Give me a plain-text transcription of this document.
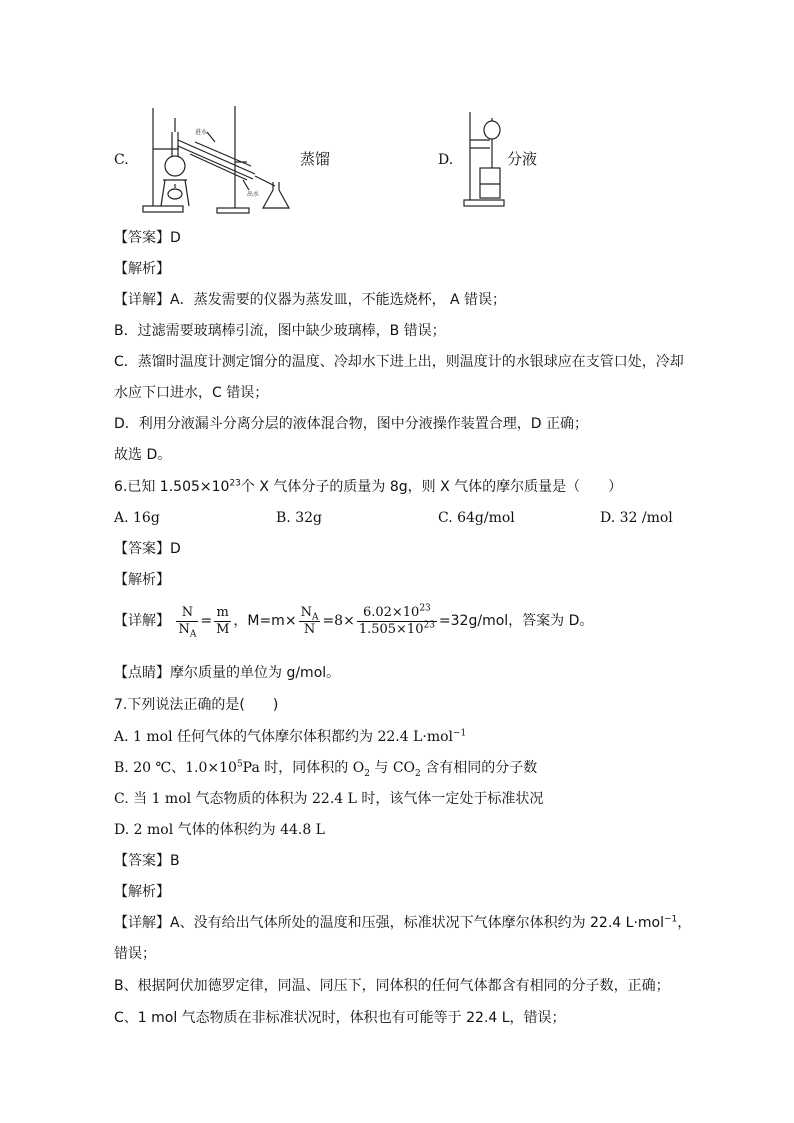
C.
进水
出水
蒸馏	D.	分液
【答案】D
【解析】
【详解】A．蒸发需要的仪器为蒸发皿，不能选烧杯， A 错误；
B．过滤需要玻璃棒引流，图中缺少玻璃棒，B 错误；
C．蒸馏时温度计测定馏分的温度、冷却水下进上出，则温度计的水银球应在支管口处，冷却
水应下口进水，C 错误；
D．利用分液漏斗分离分层的液体混合物，图中分液操作装置合理，D 正确；
故选 D。
6.已知 $1.505\times 10^{23}$个 X 气体分子的质量为 8g，则 X 气体的摩尔质量是（　　）
A. 16g	B. 32g	C. 64g/mol	D. 32 /mol
【答案】D
【解析】
【详解】 $\frac{N}{N_A} = \frac{m}{M}$ ，$M=m\times \frac{N_A}{N} =8\times \frac{6.02\times 10^{23}}{1.505\times 10^{23}} =32g/mol$，答案为 D。
【点睛】摩尔质量的单位为 g/mol。
7.下列说法正确的是(　　)
A. 1 mol 任何气体的气体摩尔体积都约为 22.4 L·mol$^{-1}$
B. 20 ℃、$1.0\times 10^5Pa$ 时，同体积的 $O_2$ 与 $CO_2$ 含有相同的分子数
C. 当 1 mol 气态物质的体积为 22.4 L 时，该气体一定处于标准状况
D. 2 mol 气体的体积约为 44.8 L
【答案】B
【解析】
【详解】A、没有给出气体所处的温度和压强，标准状况下气体摩尔体积约为 22.4 L·mol$^{-1}$，
错误；
B、根据阿伏加德罗定律，同温、同压下，同体积的任何气体都含有相同的分子数，正确；
C、1 mol 气态物质在非标准状况时，体积也有可能等于 22.4 L，错误；
